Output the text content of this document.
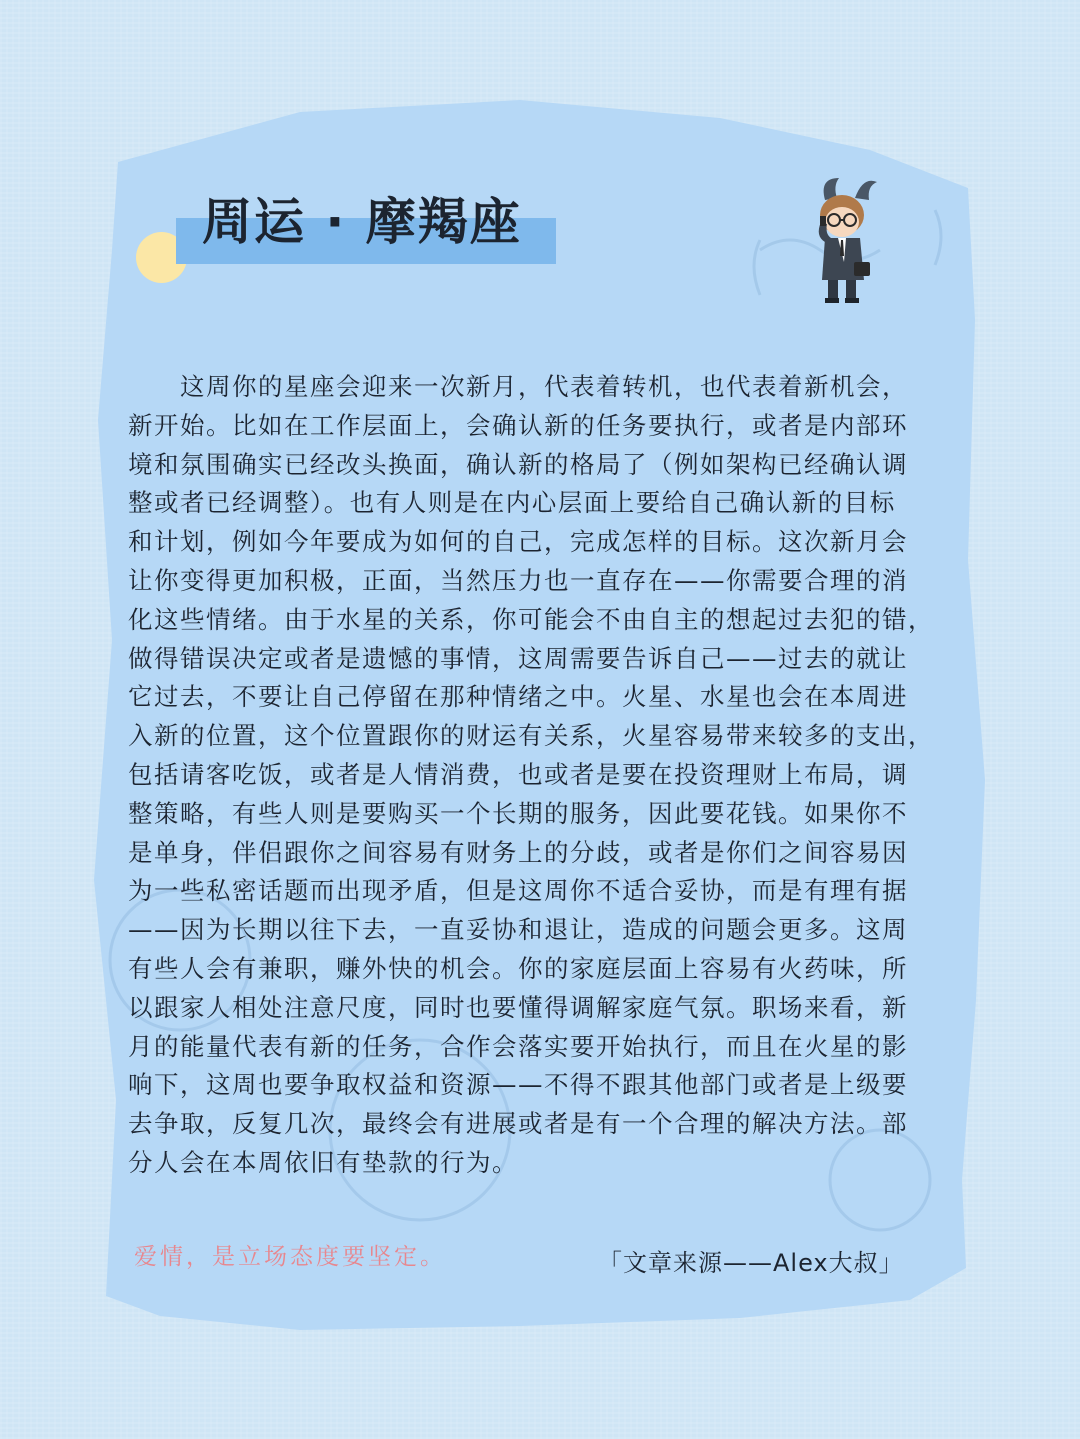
周运 · 摩羯座
　　这周你的星座会迎来一次新月，代表着转机，也代表着新机会，
新开始。比如在工作层面上，会确认新的任务要执行，或者是内部环
境和氛围确实已经改头换面，确认新的格局了（例如架构已经确认调
整或者已经调整）。也有人则是在内心层面上要给自己确认新的目标
和计划，例如今年要成为如何的自己，完成怎样的目标。这次新月会
让你变得更加积极，正面，当然压力也一直存在——你需要合理的消
化这些情绪。由于水星的关系，你可能会不由自主的想起过去犯的错，
做得错误决定或者是遗憾的事情，这周需要告诉自己——过去的就让
它过去，不要让自己停留在那种情绪之中。火星、水星也会在本周进
入新的位置，这个位置跟你的财运有关系，火星容易带来较多的支出，
包括请客吃饭，或者是人情消费，也或者是要在投资理财上布局，调
整策略，有些人则是要购买一个长期的服务，因此要花钱。如果你不
是单身，伴侣跟你之间容易有财务上的分歧，或者是你们之间容易因
为一些私密话题而出现矛盾，但是这周你不适合妥协，而是有理有据
——因为长期以往下去，一直妥协和退让，造成的问题会更多。这周
有些人会有兼职，赚外快的机会。你的家庭层面上容易有火药味，所
以跟家人相处注意尺度，同时也要懂得调解家庭气氛。职场来看，新
月的能量代表有新的任务，合作会落实要开始执行，而且在火星的影
响下，这周也要争取权益和资源——不得不跟其他部门或者是上级要
去争取，反复几次，最终会有进展或者是有一个合理的解决方法。部
分人会在本周依旧有垫款的行为。
爱情，是立场态度要坚定。	「文章来源——Alex大叔」
